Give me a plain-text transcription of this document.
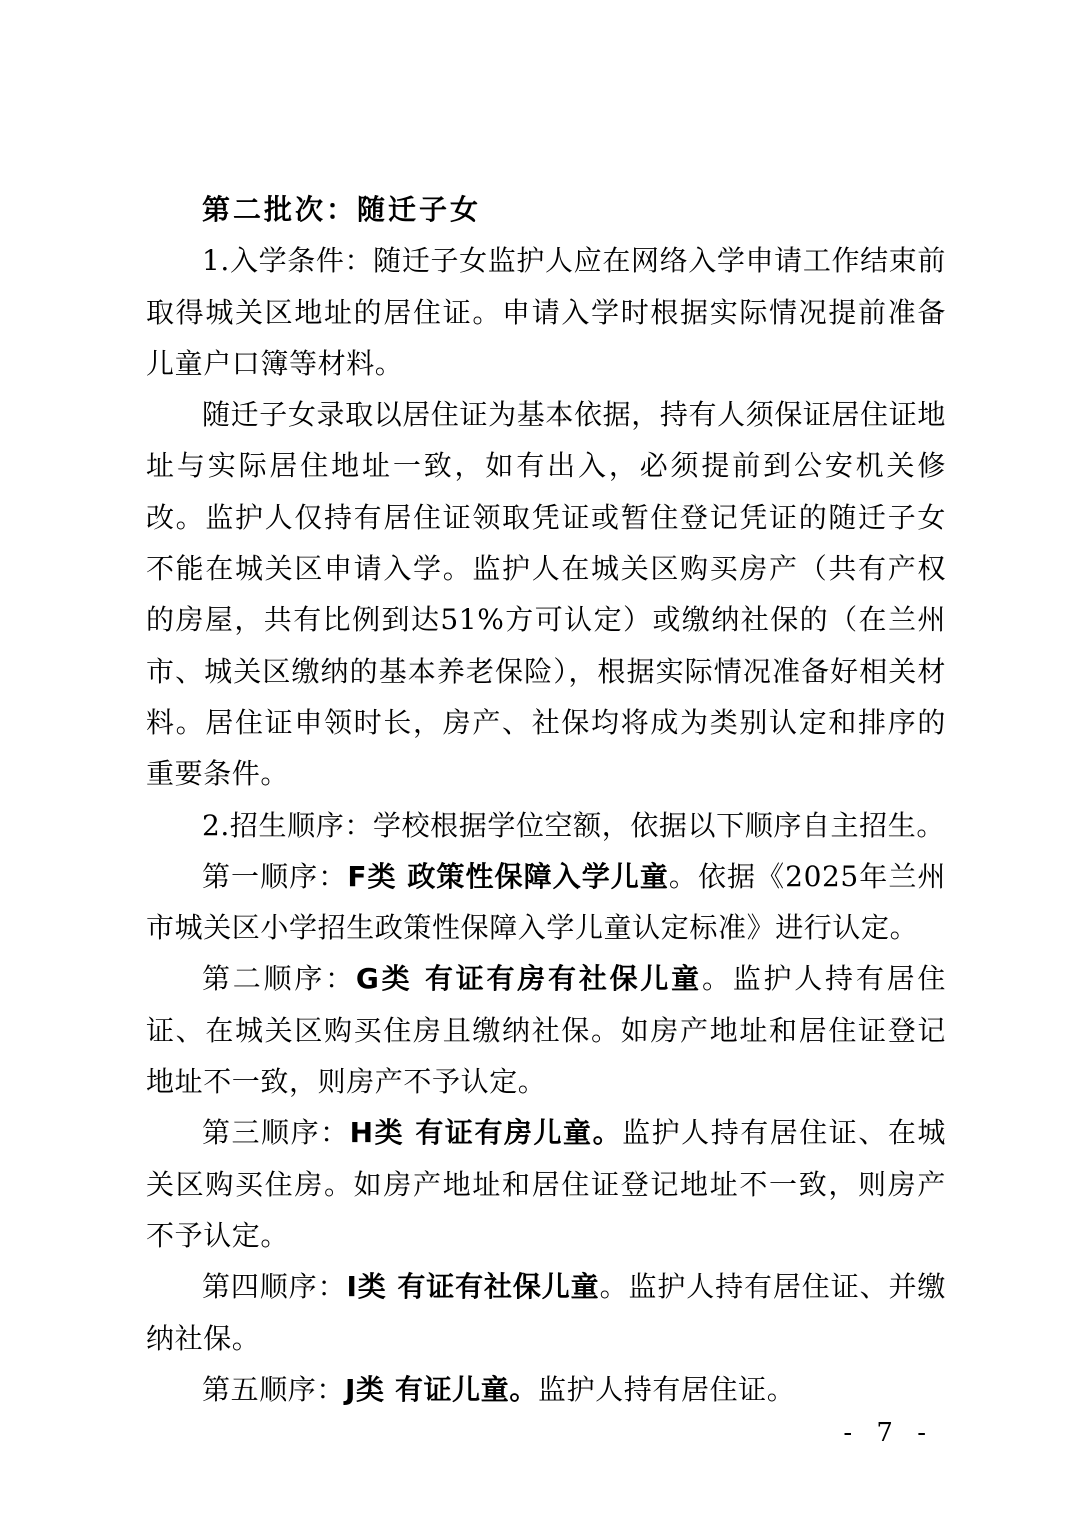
第二批次：随迁子女

1.入学条件：随迁子女监护人应在网络入学申请工作结束前取得城关区地址的居住证。申请入学时根据实际情况提前准备儿童户口簿等材料。

随迁子女录取以居住证为基本依据，持有人须保证居住证地址与实际居住地址一致，如有出入，必须提前到公安机关修改。监护人仅持有居住证领取凭证或暂住登记凭证的随迁子女不能在城关区申请入学。监护人在城关区购买房产（共有产权的房屋，共有比例到达51%方可认定）或缴纳社保的（在兰州市、城关区缴纳的基本养老保险），根据实际情况准备好相关材料。居住证申领时长，房产、社保均将成为类别认定和排序的重要条件。

2.招生顺序：学校根据学位空额，依据以下顺序自主招生。

第一顺序：F类 政策性保障入学儿童。依据《2025年兰州市城关区小学招生政策性保障入学儿童认定标准》进行认定。

第二顺序：G类 有证有房有社保儿童。监护人持有居住证、在城关区购买住房且缴纳社保。如房产地址和居住证登记地址不一致，则房产不予认定。

第三顺序：H类 有证有房儿童。监护人持有居住证、在城关区购买住房。如房产地址和居住证登记地址不一致，则房产不予认定。

第四顺序：I类 有证有社保儿童。监护人持有居住证、并缴纳社保。

第五顺序：J类 有证儿童。监护人持有居住证。

- 7 -
